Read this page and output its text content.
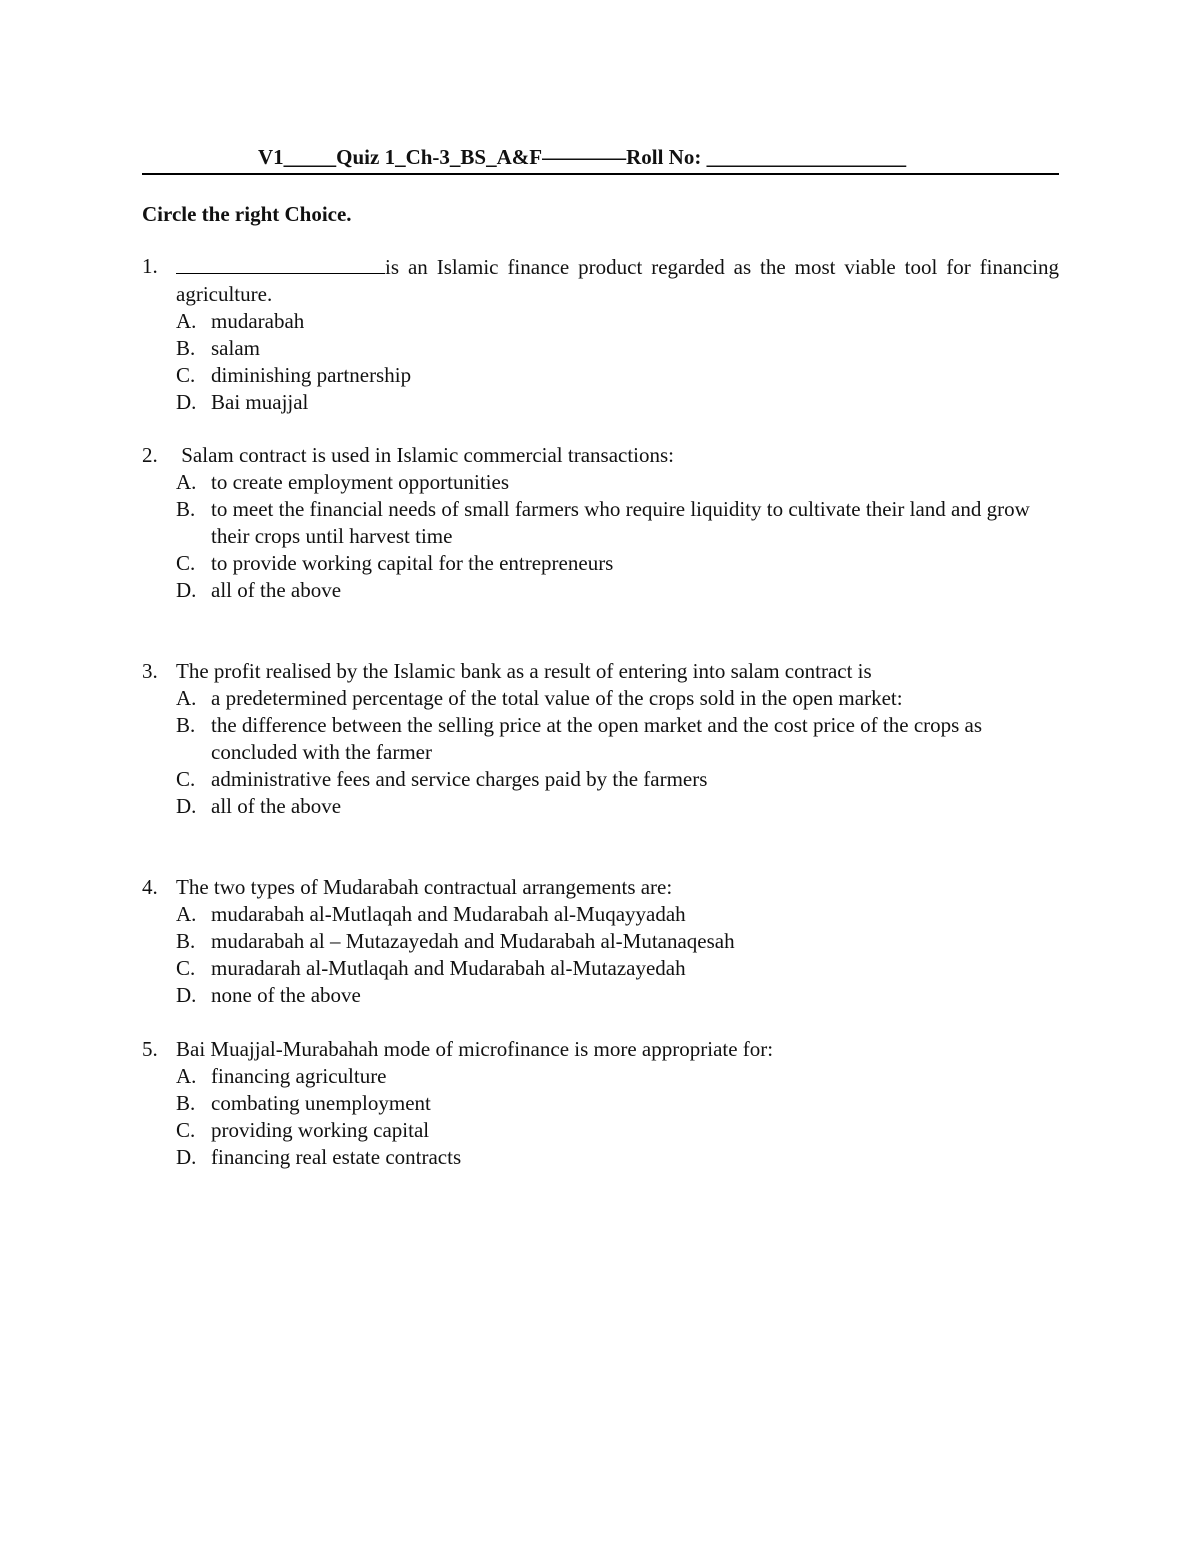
V1_____Quiz 1_Ch-3_BS_A&F————Roll No: ___________________
Circle the right Choice.
1.	is an Islamic finance product regarded as the most viable tool for financing agriculture.
A. mudarabah
B. salam
C. diminishing partnership
D. Bai muajjal
2. Salam contract is used in Islamic commercial transactions:
A. to create employment opportunities
B. to meet the financial needs of small farmers who require liquidity to cultivate their land and grow their crops until harvest time
C. to provide working capital for the entrepreneurs
D. all of the above
3. The profit realised by the Islamic bank as a result of entering into salam contract is
A. a predetermined percentage of the total value of the crops sold in the open market:
B. the difference between the selling price at the open market and the cost price of the crops as concluded with the farmer
C. administrative fees and service charges paid by the farmers
D. all of the above
4. The two types of Mudarabah contractual arrangements are:
A. mudarabah al-Mutlaqah and Mudarabah al-Muqayyadah
B. mudarabah al – Mutazayedah and Mudarabah al-Mutanaqesah
C. muradarah al-Mutlaqah and Mudarabah al-Mutazayedah
D. none of the above
5. Bai Muajjal-Murabahah mode of microfinance is more appropriate for:
A. financing agriculture
B. combating unemployment
C. providing working capital
D. financing real estate contracts
